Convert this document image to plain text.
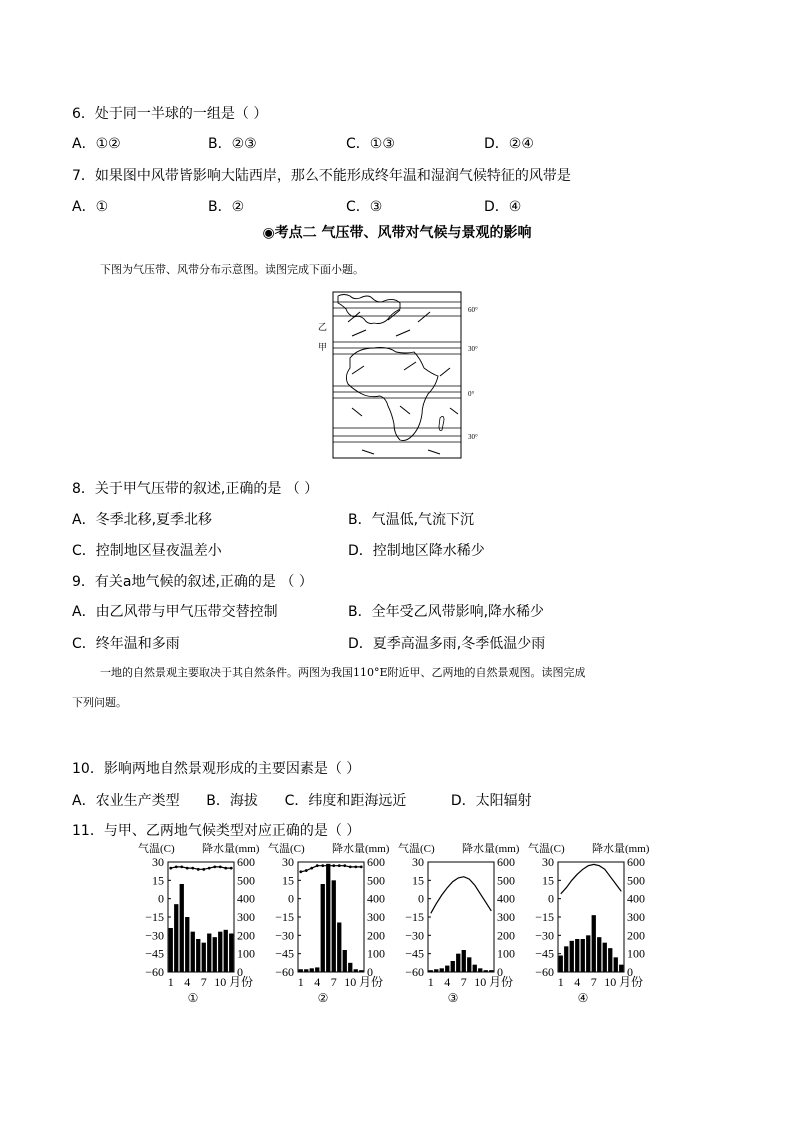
6．处于同一半球的一组是（ ）
A．①②	B．②③	C．①③	D．②④
7．如果图中风带皆影响大陆西岸，那么不能形成终年温和湿润气候特征的风带是
A．①	B．②	C．③	D．④
◉考点二 气压带、风带对气候与景观的影响
下图为气压带、风带分布示意图。读图完成下面小题。
乙
甲
60°
30°
0°
30°
8．关于甲气压带的叙述,正确的是 （ ）
A．冬季北移,夏季北移	B．气温低,气流下沉
C．控制地区昼夜温差小	D．控制地区降水稀少
9．有关a地气候的叙述,正确的是 （ ）
A．由乙风带与甲气压带交替控制	B．全年受乙风带影响,降水稀少
C．终年温和多雨	D．夏季高温多雨,冬季低温少雨
一地的自然景观主要取决于其自然条件。两图为我国110°E附近甲、乙两地的自然景观图。读图完成
下列问题。
10．影响两地自然景观形成的主要因素是（ ）
A．农业生产类型      B．海拔      C．纬度和距海远近          D．太阳辐射
11．与甲、乙两地气候类型对应正确的是（ ）
气温(C) 降水量(mm)
30
15
0
−15
−30
−45
−60
600
500
400
300
200
100
0
1 4 7 10 月份
①
气温(C) 降水量(mm)
30
15
0
−15
−30
−45
−60
600
500
400
300
200
100
0
1 4 7 10 月份
②
气温(C) 降水量(mm)
30
15
0
−15
−30
−45
−60
600
500
400
300
200
100
0
1 4 7 10 月份
③
气温(C) 降水量(mm)
30
15
0
−15
−30
−45
−60
600
500
400
300
200
100
0
1 4 7 10 月份
④
